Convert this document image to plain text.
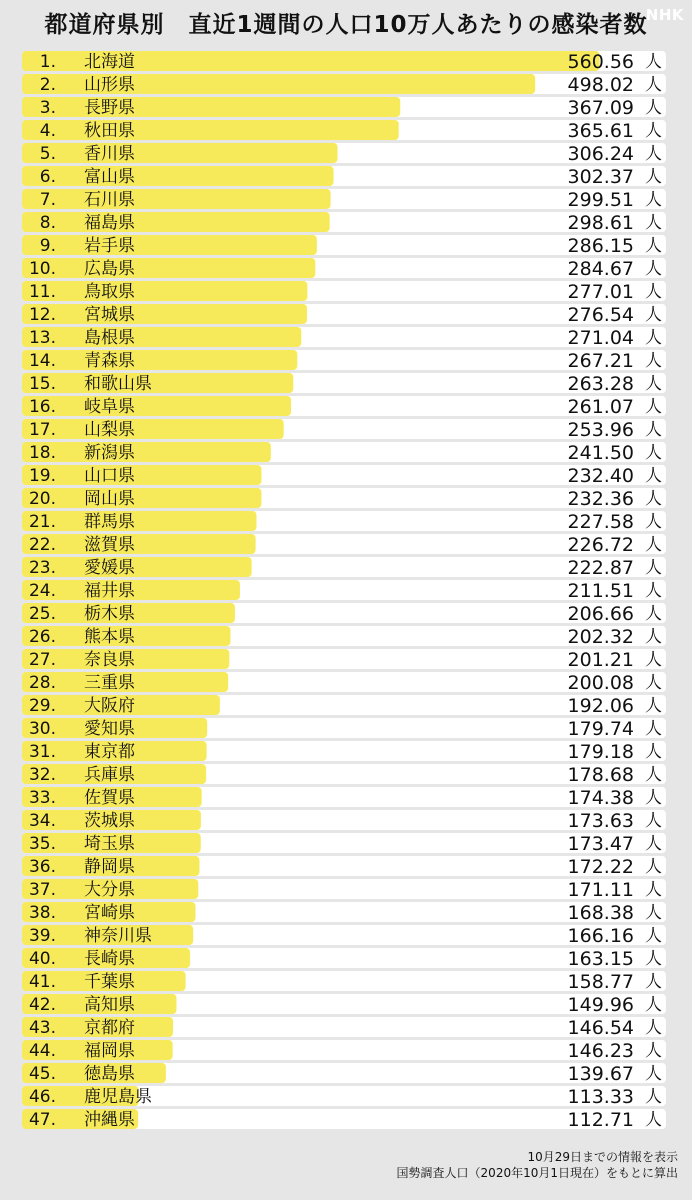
都道府県別　直近1週間の人口10万人あたりの感染者数
NHK
1. 北海道	560.56 人
2. 山形県	498.02 人
3. 長野県	367.09 人
4. 秋田県	365.61 人
5. 香川県	306.24 人
6. 富山県	302.37 人
7. 石川県	299.51 人
8. 福島県	298.61 人
9. 岩手県	286.15 人
10. 広島県	284.67 人
11. 鳥取県	277.01 人
12. 宮城県	276.54 人
13. 島根県	271.04 人
14. 青森県	267.21 人
15. 和歌山県	263.28 人
16. 岐阜県	261.07 人
17. 山梨県	253.96 人
18. 新潟県	241.50 人
19. 山口県	232.40 人
20. 岡山県	232.36 人
21. 群馬県	227.58 人
22. 滋賀県	226.72 人
23. 愛媛県	222.87 人
24. 福井県	211.51 人
25. 栃木県	206.66 人
26. 熊本県	202.32 人
27. 奈良県	201.21 人
28. 三重県	200.08 人
29. 大阪府	192.06 人
30. 愛知県	179.74 人
31. 東京都	179.18 人
32. 兵庫県	178.68 人
33. 佐賀県	174.38 人
34. 茨城県	173.63 人
35. 埼玉県	173.47 人
36. 静岡県	172.22 人
37. 大分県	171.11 人
38. 宮崎県	168.38 人
39. 神奈川県	166.16 人
40. 長崎県	163.15 人
41. 千葉県	158.77 人
42. 高知県	149.96 人
43. 京都府	146.54 人
44. 福岡県	146.23 人
45. 徳島県	139.67 人
46. 鹿児島県	113.33 人
47. 沖縄県	112.71 人
10月29日までの情報を表示
国勢調査人口（2020年10月1日現在）をもとに算出
